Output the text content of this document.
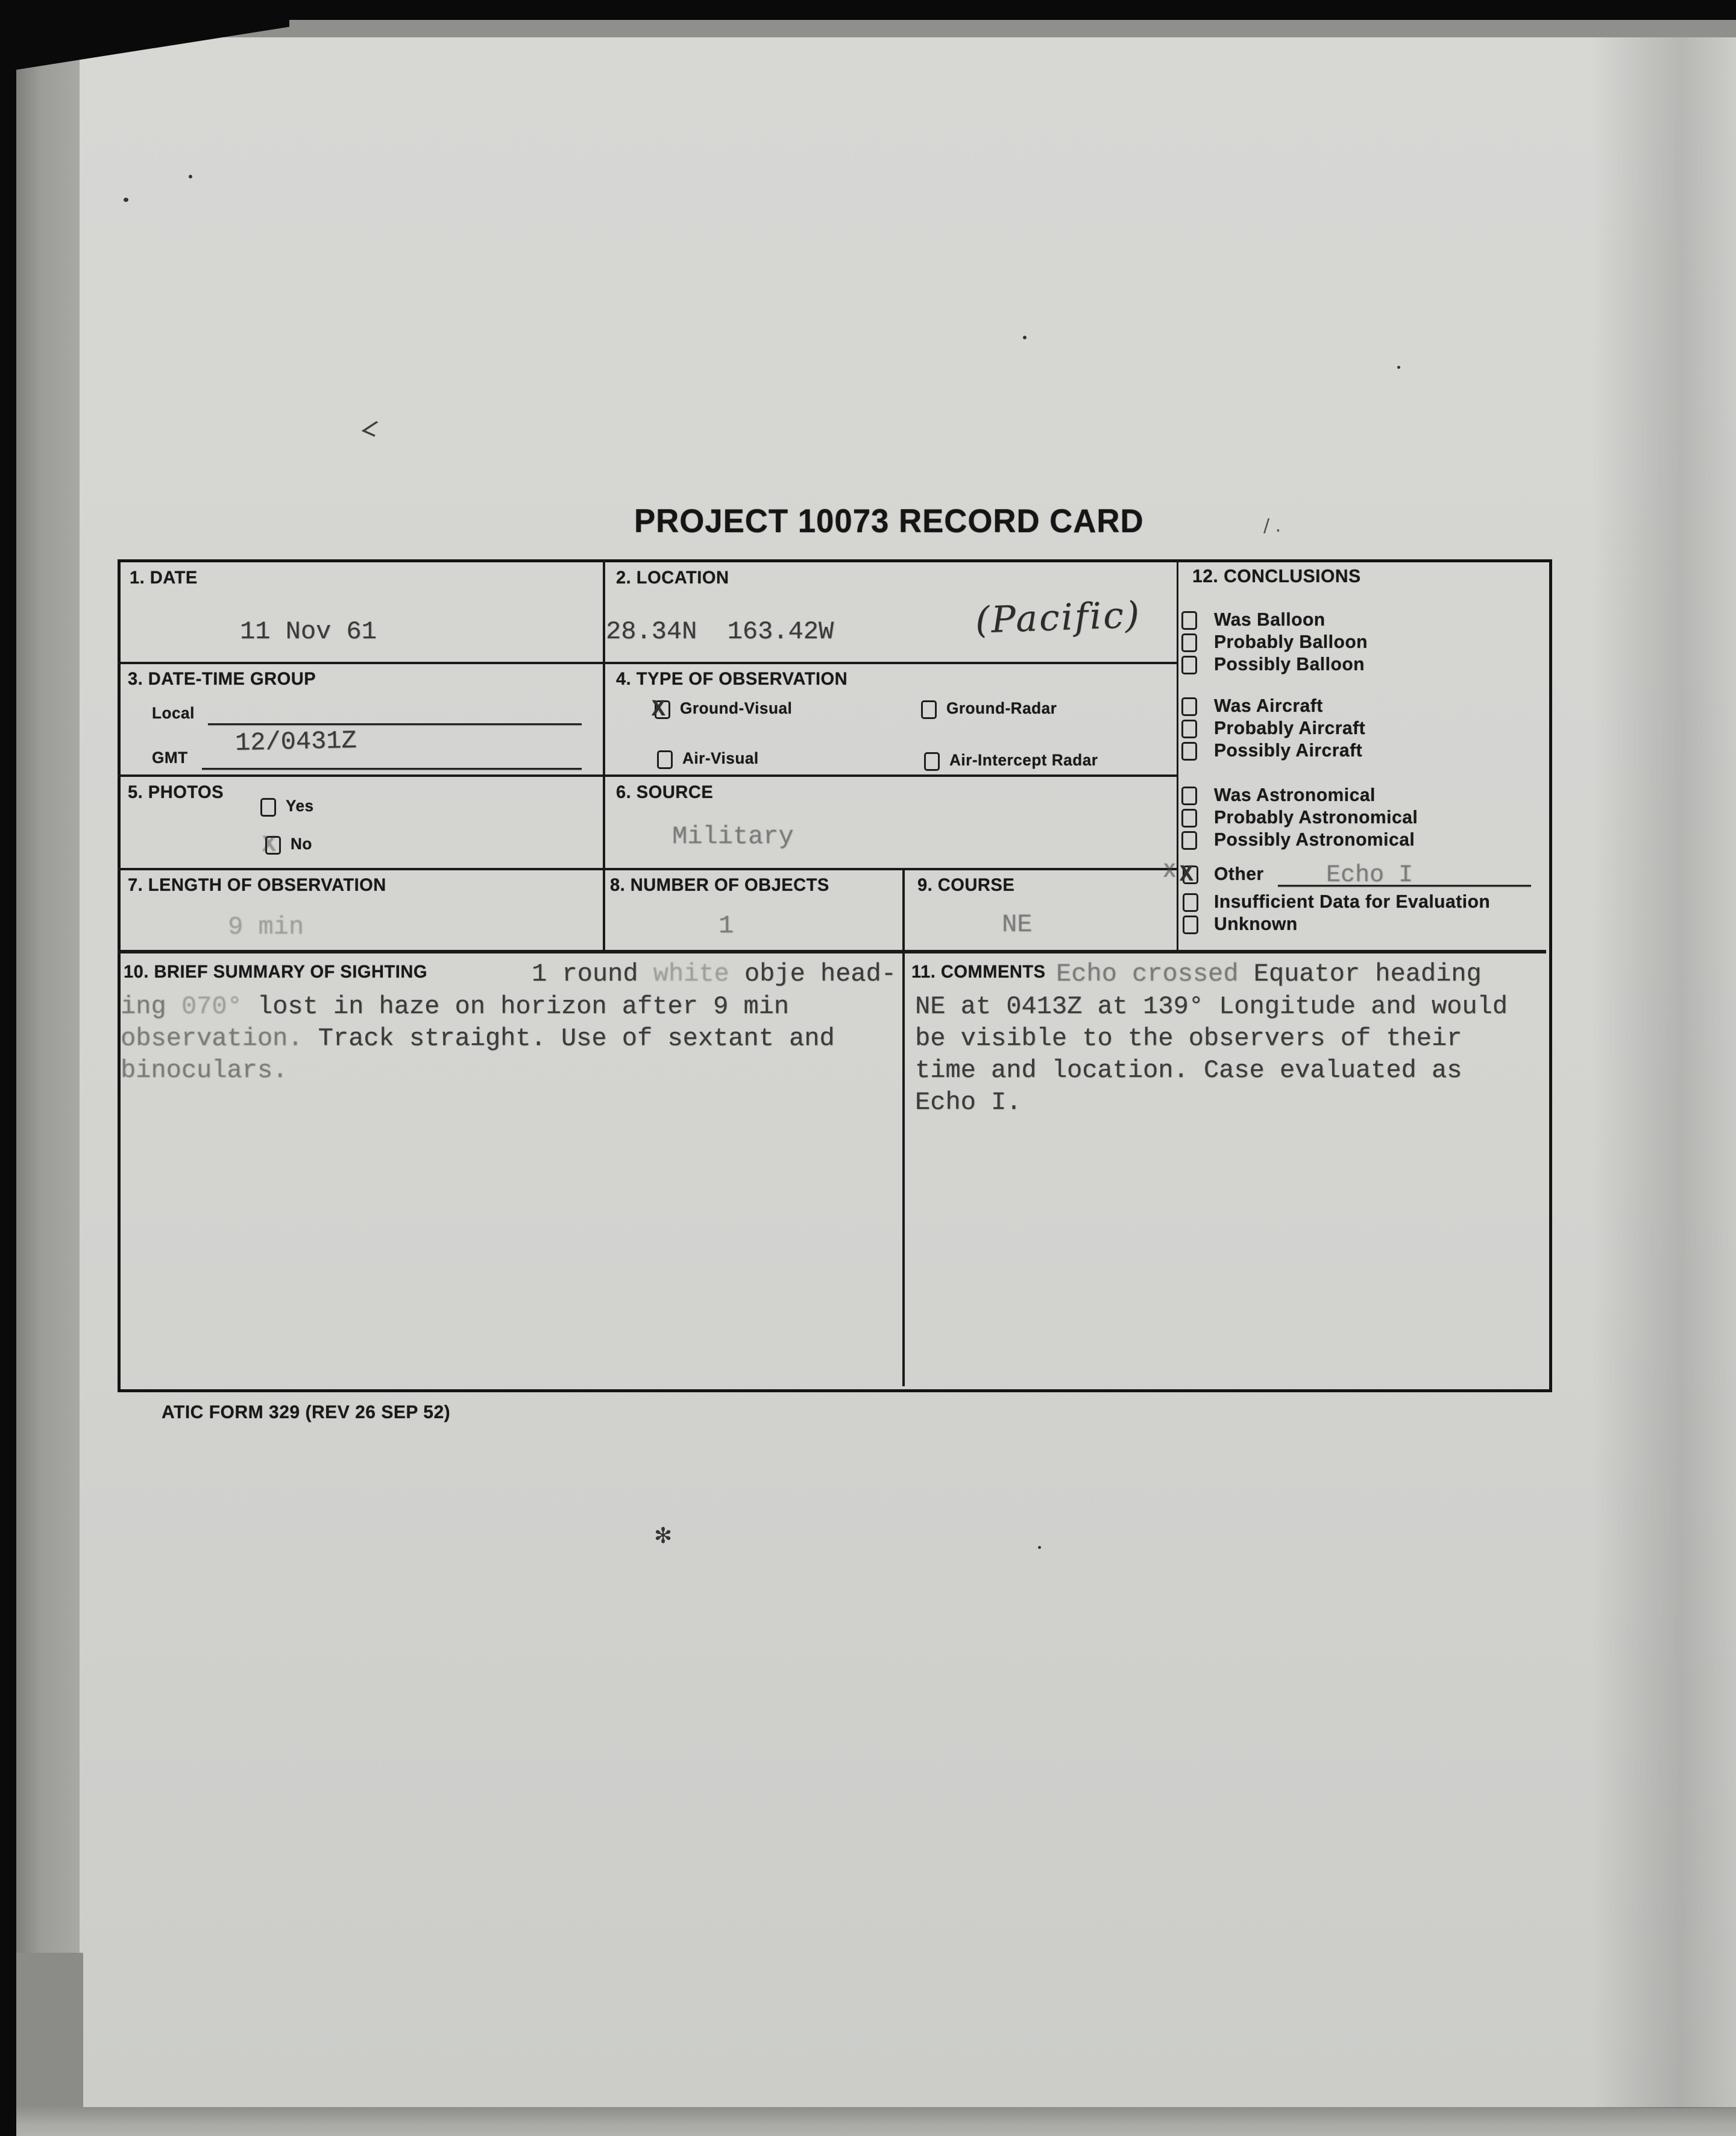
∠
/ .
✻
PROJECT 10073 RECORD CARD
1. DATE
11 Nov 61
2. LOCATION
28.34N  163.42W	(Pacific)
3. DATE-TIME GROUP
Local
GMT 12/0431Z
4. TYPE OF OBSERVATION
X Ground-Visual	Ground-Radar
Air-Visual	Air-Intercept Radar
5. PHOTOS
Yes
X No
6. SOURCE
Military
7. LENGTH OF OBSERVATION
9 min
8. NUMBER OF OBJECTS
1
9. COURSE
NE
12. CONCLUSIONS
Was Balloon
Probably Balloon
Possibly Balloon
Was Aircraft
Probably Aircraft
Possibly Aircraft
Was Astronomical
Probably Astronomical
Possibly Astronomical
X X Other	Echo I
Insufficient Data for Evaluation
Unknown
10. BRIEF SUMMARY OF SIGHTING	1 round white obje head-
ing 070° lost in haze on horizon after 9 min
observation. Track straight. Use of sextant and
binoculars.
11. COMMENTS Echo crossed Equator heading
NE at 0413Z at 139° Longitude and would
be visible to the observers of their
time and location. Case evaluated as
Echo I.
ATIC FORM 329 (REV 26 SEP 52)
